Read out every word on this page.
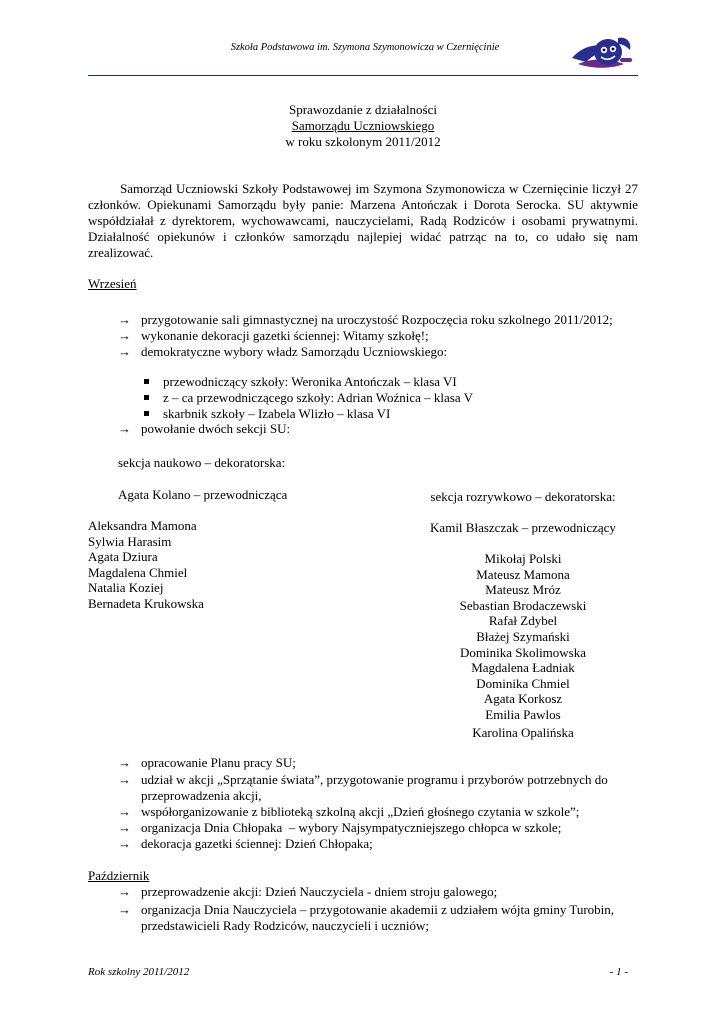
Szkoła Podstawowa im. Szymona Szymonowicza w Czernięcinie
Sprawozdanie z działalności
Samorządu Uczniowskiego
w roku szkolonym 2011/2012
Samorząd Uczniowski Szkoły Podstawowej im Szymona Szymonowicza w Czernięcinie liczył 27 członków. Opiekunami Samorządu były panie: Marzena Antończak i Dorota Serocka. SU aktywnie współdziałał z dyrektorem, wychowawcami, nauczycielami, Radą Rodziców i osobami prywatnymi. Działalność opiekunów i członków samorządu najlepiej widać patrząc na to, co udało się nam zrealizować.
Wrzesień
→ przygotowanie sali gimnastycznej na uroczystość Rozpoczęcia roku szkolnego 2011/2012;
→ wykonanie dekoracji gazetki ściennej: Witamy szkołę!;
→ demokratyczne wybory władz Samorządu Uczniowskiego:
przewodniczący szkoły: Weronika Antończak – klasa VI
z – ca przewodniczącego szkoły: Adrian Woźnica – klasa V
skarbnik szkoły – Izabela Wlizło – klasa VI
→ powołanie dwóch sekcji SU:
sekcja naukowo – dekoratorska:
Agata Kolano – przewodnicząca
Aleksandra Mamona
Sylwia Harasim
Agata Dziura
Magdalena Chmiel
Natalia Koziej
Bernadeta Krukowska
sekcja rozrywkowo – dekoratorska:
Kamil Błaszczak – przewodniczący
Mikołaj Polski
Mateusz Mamona
Mateusz Mróz
Sebastian Brodaczewski
Rafał Zdybel
Błażej Szymański
Dominika Skolimowska
Magdalena Ładniak
Dominika Chmiel
Agata Korkosz
Emilia Pawlos
Karolina Opalińska
→ opracowanie Planu pracy SU;
→ udział w akcji „Sprzątanie świata”, przygotowanie programu i przyborów potrzebnych do przeprowadzenia akcji,
→ współorganizowanie z biblioteką szkolną akcji „Dzień głośnego czytania w szkole”;
→ organizacja Dnia Chłopaka  – wybory Najsympatyczniejszego chłopca w szkole;
→ dekoracja gazetki ściennej: Dzień Chłopaka;
Październik
→ przeprowadzenie akcji: Dzień Nauczyciela - dniem stroju galowego;
→ organizacja Dnia Nauczyciela – przygotowanie akademii z udziałem wójta gminy Turobin, przedstawicieli Rady Rodziców, nauczycieli i uczniów;
Rok szkolny 2011/2012	- 1 -
